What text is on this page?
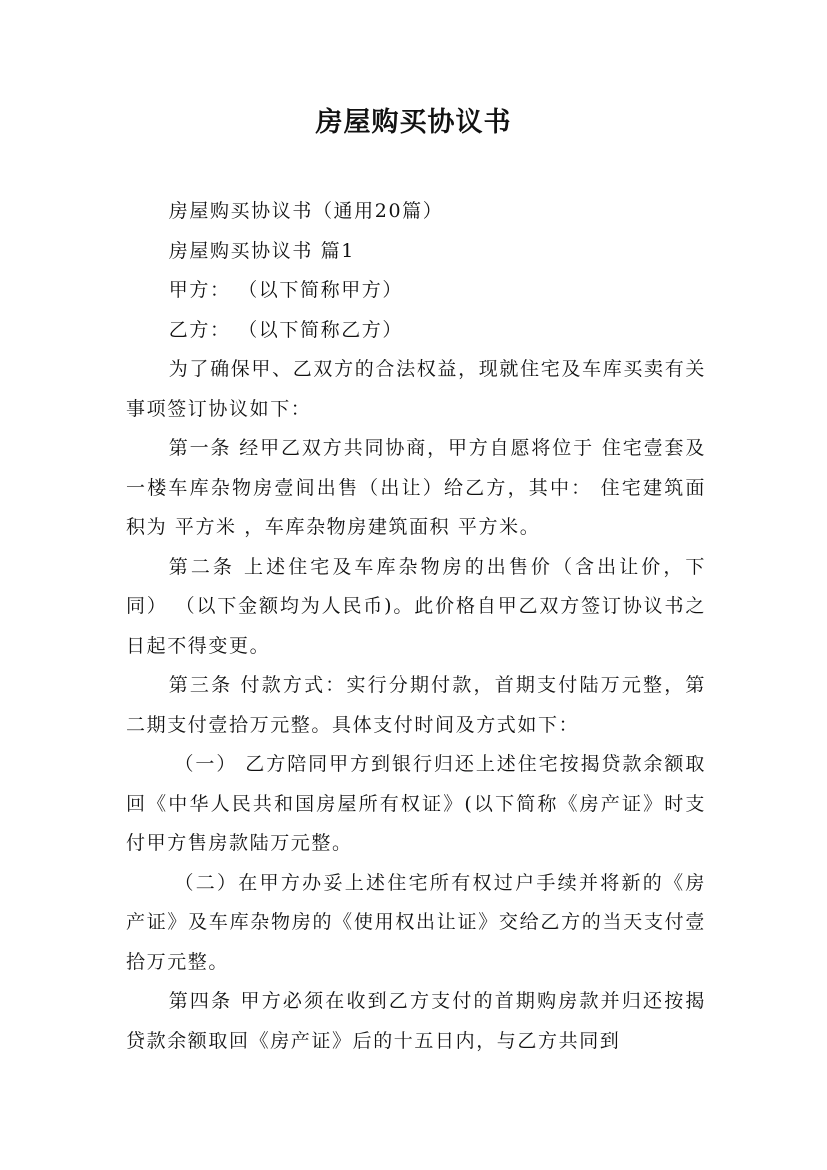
房屋购买协议书

房屋购买协议书（通用20篇）

房屋购买协议书 篇1

甲方： （以下简称甲方）

乙方： （以下简称乙方）

为了确保甲、乙双方的合法权益，现就住宅及车库买卖有关事项签订协议如下：

第一条 经甲乙双方共同协商，甲方自愿将位于 住宅壹套及一楼车库杂物房壹间出售（出让）给乙方，其中： 住宅建筑面积为 平方米 ，车库杂物房建筑面积 平方米。

第二条 上述住宅及车库杂物房的出售价（含出让价，下同） （以下金额均为人民币)。此价格自甲乙双方签订协议书之日起不得变更。

第三条 付款方式：实行分期付款，首期支付陆万元整，第二期支付壹拾万元整。具体支付时间及方式如下：

（一） 乙方陪同甲方到银行归还上述住宅按揭贷款余额取回《中华人民共和国房屋所有权证》(以下简称《房产证》时支付甲方售房款陆万元整。

（二）在甲方办妥上述住宅所有权过户手续并将新的《房产证》及车库杂物房的《使用权出让证》交给乙方的当天支付壹拾万元整。

第四条 甲方必须在收到乙方支付的首期购房款并归还按揭贷款余额取回《房产证》后的十五日内，与乙方共同到
